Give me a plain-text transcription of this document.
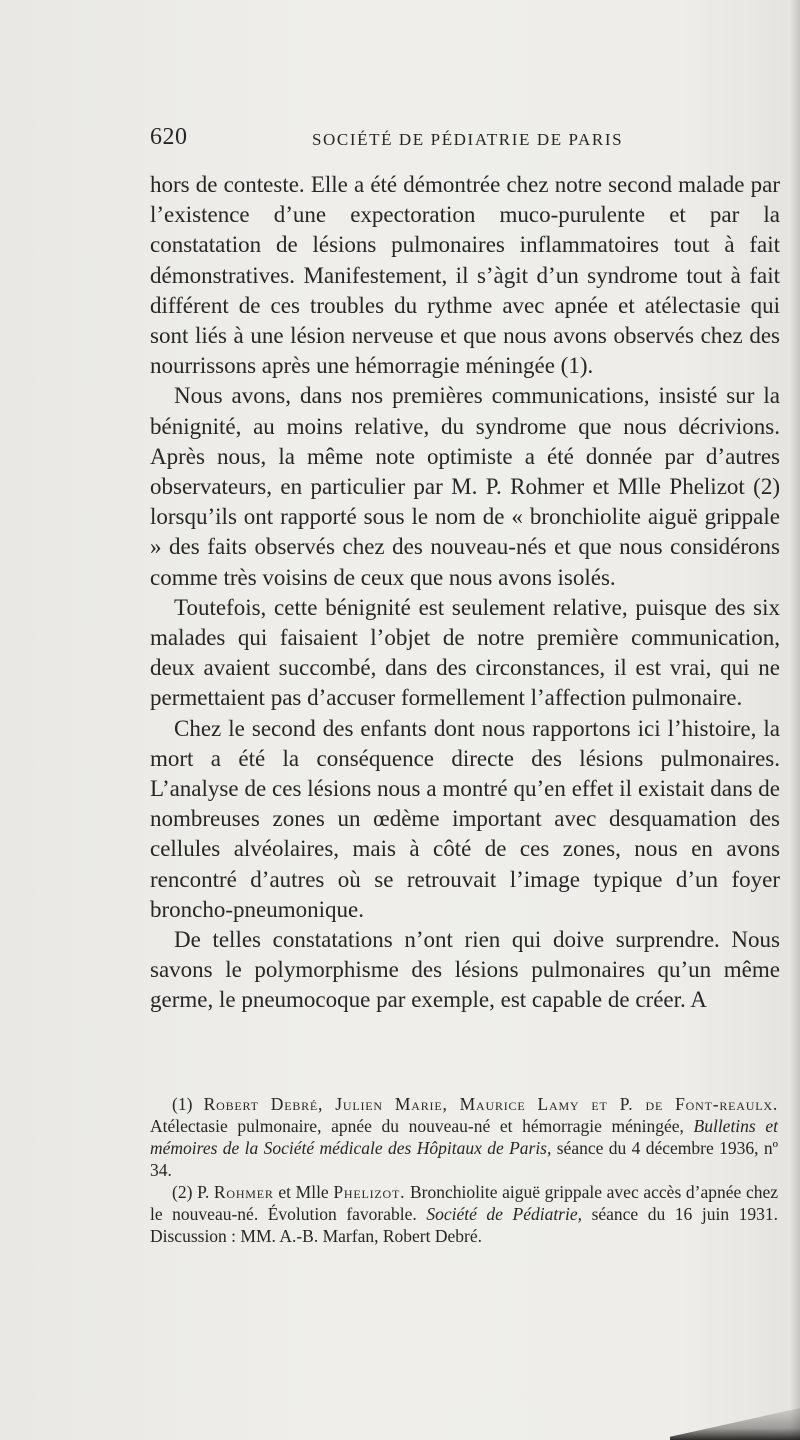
620	SOCIÉTÉ DE PÉDIATRIE DE PARIS

hors de conteste. Elle a été démontrée chez notre second malade par l’existence d’une expectoration muco-purulente et par la constatation de lésions pulmonaires inflammatoires tout à fait démonstratives. Manifestement, il s’àgit d’un syndrome tout à fait différent de ces troubles du rythme avec apnée et atélectasie qui sont liés à une lésion nerveuse et que nous avons observés chez des nourrissons après une hémorragie méningée (1).

Nous avons, dans nos premières communications, insisté sur la bénignité, au moins relative, du syndrome que nous décrivions. Après nous, la même note optimiste a été donnée par d’autres observateurs, en particulier par M. P. Rohmer et Mlle Phelizot (2) lorsqu’ils ont rapporté sous le nom de « bronchiolite aiguë grippale » des faits observés chez des nouveau-nés et que nous considérons comme très voisins de ceux que nous avons isolés.

Toutefois, cette bénignité est seulement relative, puisque des six malades qui faisaient l’objet de notre première communication, deux avaient succombé, dans des circonstances, il est vrai, qui ne permettaient pas d’accuser formellement l’affection pulmonaire.

Chez le second des enfants dont nous rapportons ici l’histoire, la mort a été la conséquence directe des lésions pulmonaires. L’analyse de ces lésions nous a montré qu’en effet il existait dans de nombreuses zones un œdème important avec desquamation des cellules alvéolaires, mais à côté de ces zones, nous en avons rencontré d’autres où se retrouvait l’image typique d’un foyer broncho-pneumonique.

De telles constatations n’ont rien qui doive surprendre. Nous savons le polymorphisme des lésions pulmonaires qu’un même germe, le pneumocoque par exemple, est capable de créer. A

(1) Robert Debré, Julien Marie, Maurice Lamy et P. de Font-reaulx. Atélectasie pulmonaire, apnée du nouveau-né et hémorragie méningée, Bulletins et mémoires de la Société médicale des Hôpitaux de Paris, séance du 4 décembre 1936, nº 34.

(2) P. Rohmer et Mlle Phelizot. Bronchiolite aiguë grippale avec accès d’apnée chez le nouveau-né. Évolution favorable. Société de Pédiatrie, séance du 16 juin 1931. Discussion : MM. A.-B. Marfan, Robert Debré.
